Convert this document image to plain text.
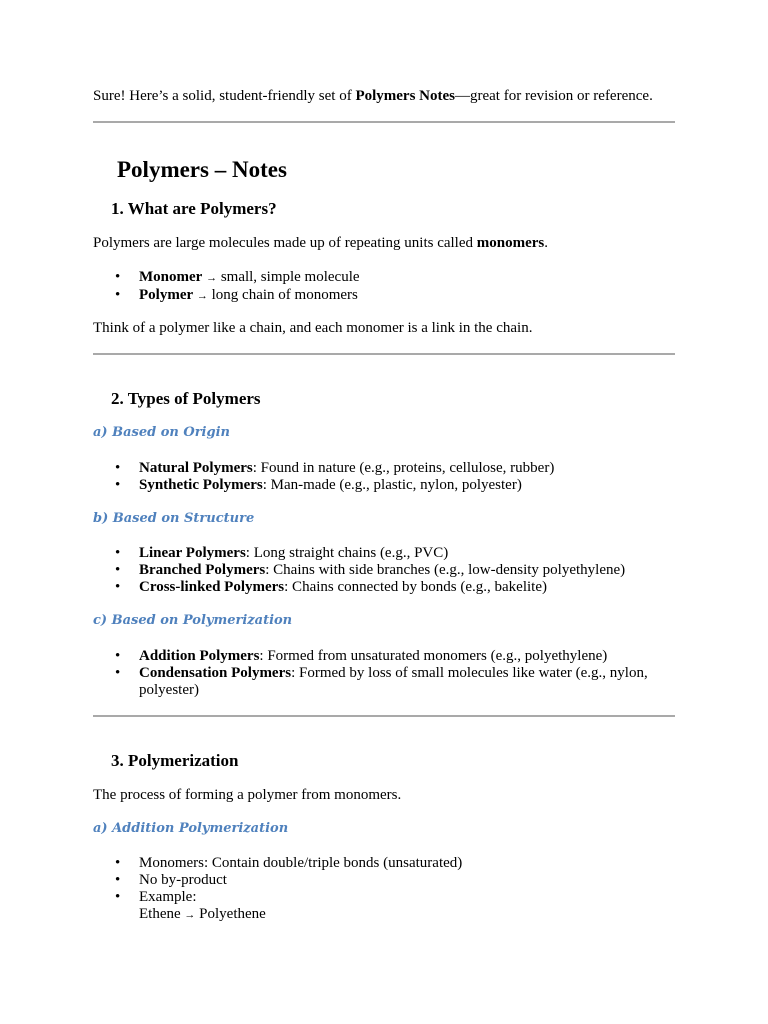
Sure! Here’s a solid, student-friendly set of Polymers Notes—great for revision or reference.

Polymers – Notes
1. What are Polymers?

Polymers are large molecules made up of repeating units called monomers.

• Monomer → small, simple molecule
• Polymer → long chain of monomers

Think of a polymer like a chain, and each monomer is a link in the chain.

2. Types of Polymers

a) Based on Origin

• Natural Polymers: Found in nature (e.g., proteins, cellulose, rubber)
• Synthetic Polymers: Man-made (e.g., plastic, nylon, polyester)

b) Based on Structure

• Linear Polymers: Long straight chains (e.g., PVC)
• Branched Polymers: Chains with side branches (e.g., low-density polyethylene)
• Cross-linked Polymers: Chains connected by bonds (e.g., bakelite)

c) Based on Polymerization

• Addition Polymers: Formed from unsaturated monomers (e.g., polyethylene)
• Condensation Polymers: Formed by loss of small molecules like water (e.g., nylon,
polyester)
3. Polymerization

The process of forming a polymer from monomers.

a) Addition Polymerization

• Monomers: Contain double/triple bonds (unsaturated)
• No by-product
• Example:
Ethene → Polyethene
